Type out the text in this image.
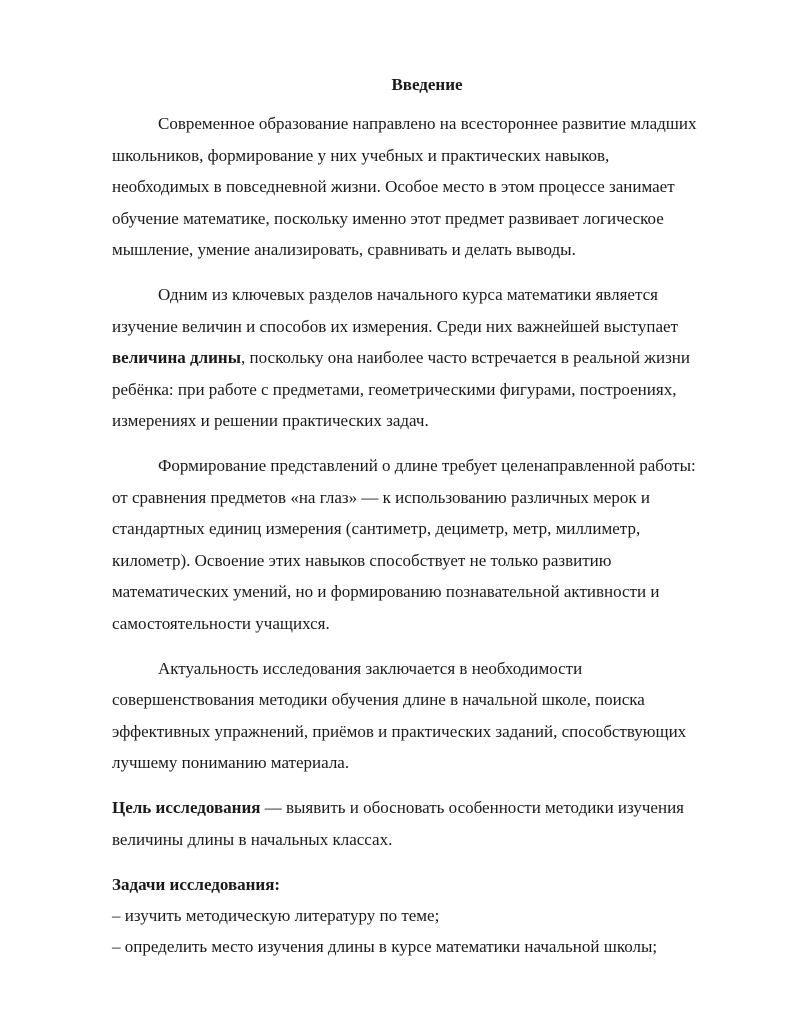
Введение
Современное образование направлено на всестороннее развитие младших
школьников, формирование у них учебных и практических навыков,
необходимых в повседневной жизни. Особое место в этом процессе занимает
обучение математике, поскольку именно этот предмет развивает логическое
мышление, умение анализировать, сравнивать и делать выводы.
Одним из ключевых разделов начального курса математики является
изучение величин и способов их измерения. Среди них важнейшей выступает
величина длины, поскольку она наиболее часто встречается в реальной жизни
ребёнка: при работе с предметами, геометрическими фигурами, построениях,
измерениях и решении практических задач.
Формирование представлений о длине требует целенаправленной работы:
от сравнения предметов «на глаз» — к использованию различных мерок и
стандартных единиц измерения (сантиметр, дециметр, метр, миллиметр,
километр). Освоение этих навыков способствует не только развитию
математических умений, но и формированию познавательной активности и
самостоятельности учащихся.
Актуальность исследования заключается в необходимости
совершенствования методики обучения длине в начальной школе, поиска
эффективных упражнений, приёмов и практических заданий, способствующих
лучшему пониманию материала.
Цель исследования — выявить и обосновать особенности методики изучения
величины длины в начальных классах.
Задачи исследования:
– изучить методическую литературу по теме;
– определить место изучения длины в курсе математики начальной школы;
